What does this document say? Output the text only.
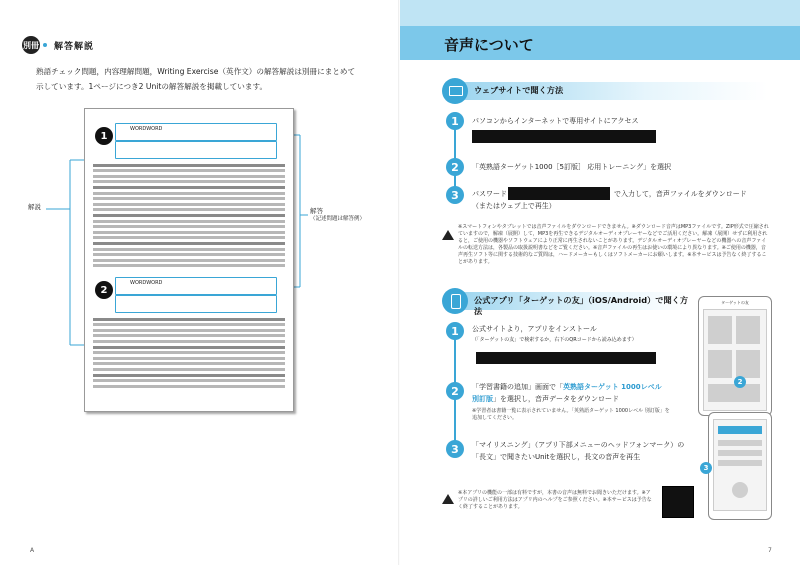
別冊 解答解説
熟語チェック問題，内容理解問題，Writing Exercise（英作文）の解答解説は別冊にまとめて
示しています。1ページにつき2 Unitの解答解説を掲載しています。
解説	解答
（記述問題は解答例）
1
WORDWORD
2
WORDWORD
A
音声について
ウェブサイトで聞く方法
1	パソコンからインターネットで専用サイトにアクセス
2	「英熟語ターゲット1000［5訂版］ 応用トレーニング」を選択
3	パスワード	で入力して，音声ファイルをダウンロード
（またはウェブ上で再生）
※スマートフォンやタブレットでは音声ファイルをダウンロードできません。※ダウンロード音声はMP3ファイルです。ZIP形式で圧縮されていますので，解凍（展開）して，MP3を再生できるデジタルオーディオプレーヤーなどでご活用ください。解凍（展開）せずに利用されると，ご使用の機器やソフトウェアにより正常に再生されないことがあります。デジタルオーディオプレーヤーなどの機器への音声ファイルの転送方法は，各製品の取扱説明書などをご覧ください。※音声ファイルの再生はお使いの環境により異なります。※ご使用の機器，音声再生ソフト等に関する技術的なご質問は，ハードメーカーもしくはソフトメーカーにお願いします。※本サービスは予告なく終了することがあります。
公式アプリ「ターゲットの友」（iOS/Android）で聞く方法
1	公式サイトより，アプリをインストール
（「ターゲットの友」で検索するか，右下のQRコードから読み込めます）
2	「学習書籍の追加」画面で「英熟語ターゲット 1000レベル
別訂版」を選択し，音声データをダウンロード
※学習者は書籍一覧に表示されていません。「英熟語ターゲット 1000レベル 別訂版」を追加してください。
3	「マイリスニング」（アプリ下部メニューのヘッドフォンマーク）の
「長文」で聞きたいUnitを選択し，長文の音声を再生
※本アプリの機能の一部は有料ですが，本書の音声は無料でお聞きいただけます。※アプリの詳しいご利用方法はアプリ内のヘルプをご参照ください。※本サービスは予告なく終了することがあります。
ターゲットの友
2
3
7
